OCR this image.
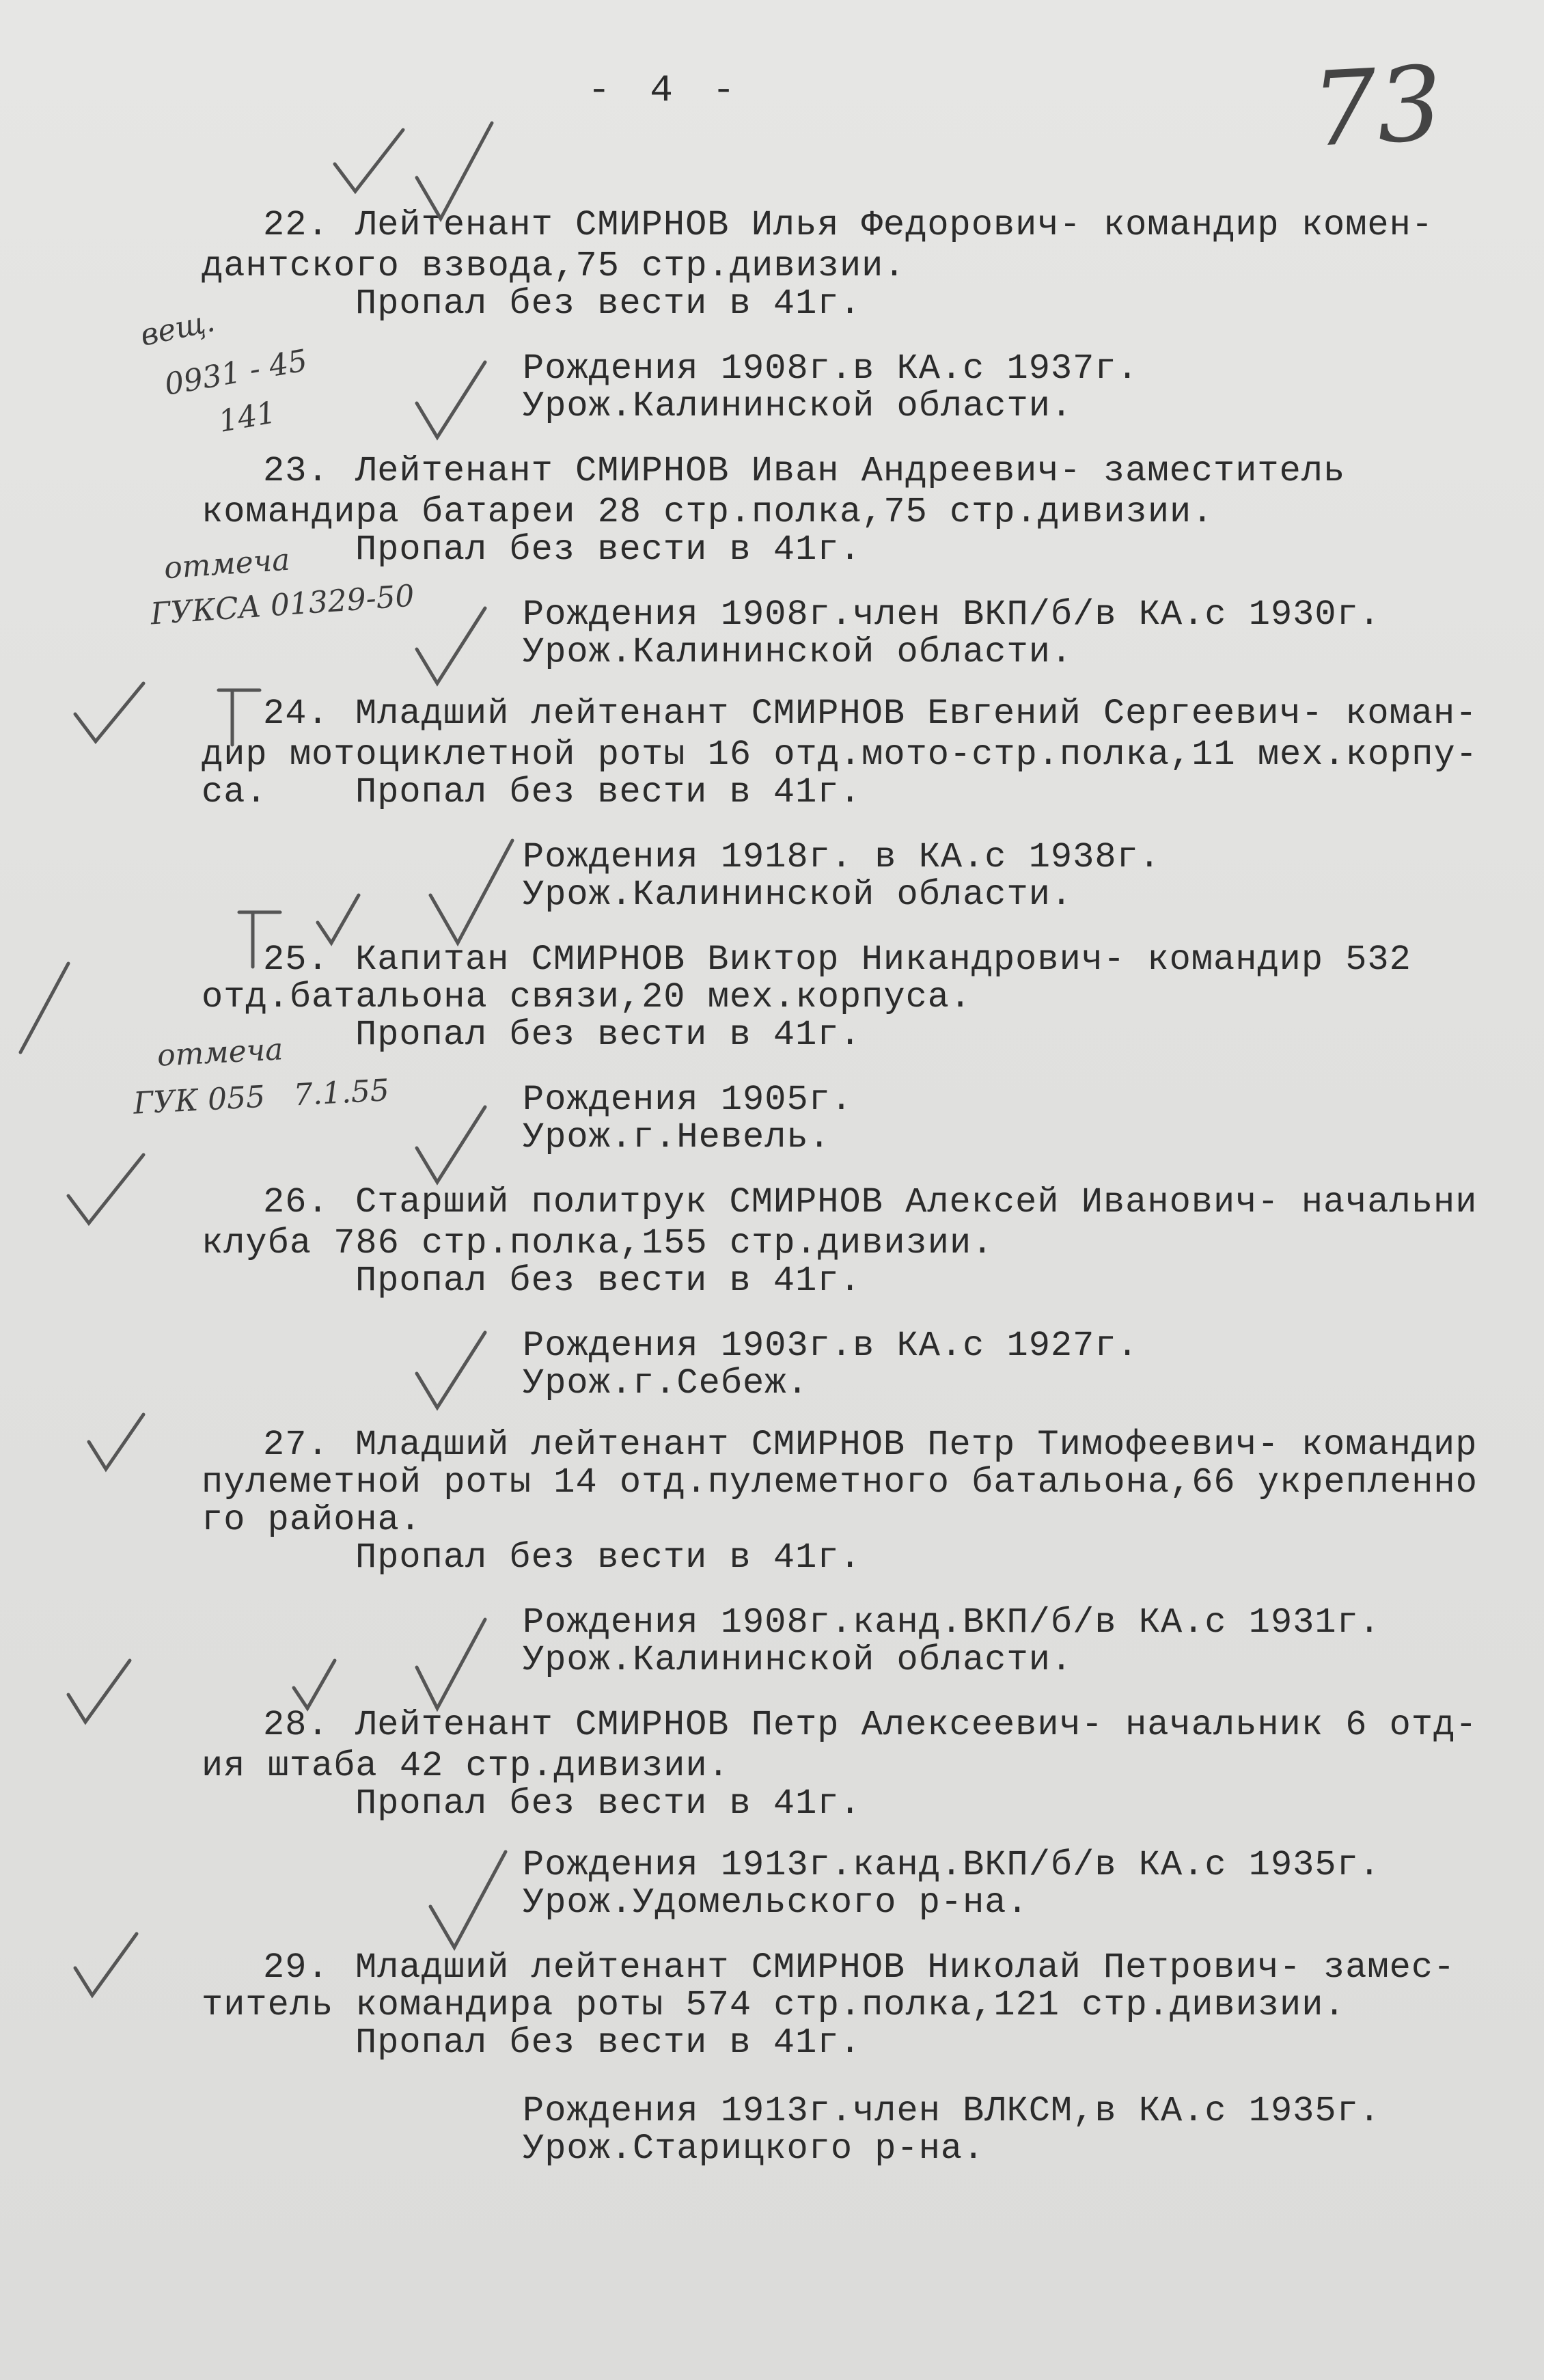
- 4 -	73
22. Лейтенант СМИРНОВ Илья Федорович- командир комен-
дантского взвода,75 стр.дивизии.
Пропал без вести в 41г.
Рождения 1908г.в КА.с 1937г.
Урож.Калининской области.
23. Лейтенант СМИРНОВ Иван Андреевич- заместитель
командира батареи 28 стр.полка,75 стр.дивизии.
Пропал без вести в 41г.
Рождения 1908г.член ВКП/б/в КА.с 1930г.
Урож.Калининской области.
24. Младший лейтенант СМИРНОВ Евгений Сергеевич- коман-
дир мотоциклетной роты 16 отд.мото-стр.полка,11 мех.корпу-
са. Пропал без вести в 41г.
Рождения 1918г. в КА.с 1938г.
Урож.Калининской области.
25. Капитан СМИРНОВ Виктор Никандрович- командир 532
отд.батальона связи,20 мех.корпуса.
Пропал без вести в 41г.
Рождения 1905г.
Урож.г.Невель.
26. Старший политрук СМИРНОВ Алексей Иванович- начальни
клуба 786 стр.полка,155 стр.дивизии.
Пропал без вести в 41г.
Рождения 1903г.в КА.с 1927г.
Урож.г.Себеж.
27. Младший лейтенант СМИРНОВ Петр Тимофеевич- командир
пулеметной роты 14 отд.пулеметного батальона,66 укрепленно
го района.
Пропал без вести в 41г.
Рождения 1908г.канд.ВКП/б/в КА.с 1931г.
Урож.Калининской области.
28. Лейтенант СМИРНОВ Петр Алексеевич- начальник 6 отд-
ия штаба 42 стр.дивизии.
Пропал без вести в 41г.
Рождения 1913г.канд.ВКП/б/в КА.с 1935г.
Урож.Удомельского р-на.
29. Младший лейтенант СМИРНОВ Николай Петрович- замес-
титель командира роты 574 стр.полка,121 стр.дивизии.
Пропал без вести в 41г.
Рождения 1913г.член ВЛКСМ,в КА.с 1935г.
Урож.Старицкого р-на.
вещ.
0931 - 45
141
отмеча
ГУКСА 01329-50
отмеча
ГУК 055   7.1.55
